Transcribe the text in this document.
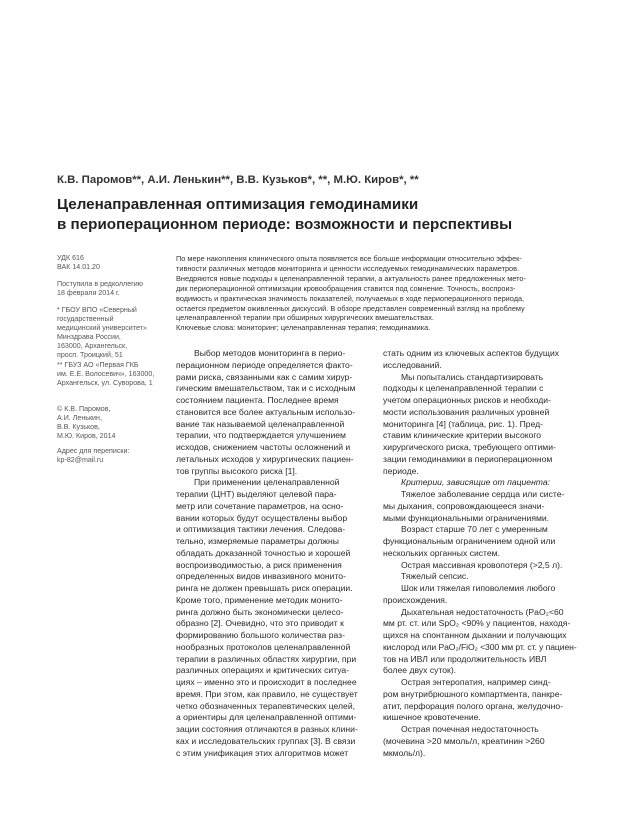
К.В. Паромов**, А.И. Ленькин**, В.В. Кузьков*, **, М.Ю. Киров*, **
Целенаправленная оптимизация гемодинамики
в периоперационном периоде: возможности и перспективы
УДК 616
ВАК 14.01.20
Поступила в редколлегию
18 февраля 2014 г.
* ГБОУ ВПО «Северный
государственный
медицинский университет»
Минздрава России,
163000, Архангельск,
просп. Троицкий, 51
** ГБУЗ АО «Первая ГКБ
им. Е.Е. Волосевич», 163000,
Архангельск, ул. Суворова, 1
© К.В. Паромов,
А.И. Ленькин,
В.В. Кузьков,
М.Ю. Киров, 2014
Адрес для переписки:
kp-82@mail.ru
По мере накопления клинического опыта появляется все больше информации относительно эффек-
тивности различных методов мониторинга и ценности исследуемых гемодинамических параметров.
Внедряются новые подходы к целенаправленной терапии, а актуальность ранее предложенных мето-
дик периоперационной оптимизации кровообращения ставится под сомнение. Точность, воспроиз-
водимость и практическая значимость показателей, получаемых в ходе периоперационного периода,
остается предметом оживленных дискуссий. В обзоре представлен современный взгляд на проблему
целенаправленной терапии при обширных хирургических вмешательствах.
Ключевые слова: мониторинг; целенаправленная терапия; гемодинамика.
Выбор методов мониторинга в перио-
перационном периоде определяется факто-
рами риска, связанными как с самим хирур-
гическим вмешательством, так и с исходным
состоянием пациента. Последнее время
становится все более актуальным использо-
вание так называемой целенаправленной
терапии, что подтверждается улучшением
исходов, снижением частоты осложнений и
летальных исходов у хирургических пациен-
тов группы высокого риска [1].
При применении целенаправленной
терапии (ЦНТ) выделяют целевой пара-
метр или сочетание параметров, на осно-
вании которых будут осуществлены выбор
и оптимизация тактики лечения. Следова-
тельно, измеряемые параметры должны
обладать доказанной точностью и хорошей
воспроизводимостью, а риск применения
определенных видов инвазивного монито-
ринга не должен превышать риск операции.
Кроме того, применение методик монито-
ринга должно быть экономически целесо-
образно [2]. Очевидно, что это приводит к
формированию большого количества раз-
нообразных протоколов целенаправленной
терапии в различных областях хирургии, при
различных операциях и критических ситуа-
циях – именно это и происходит в последнее
время. При этом, как правило, не существует
четко обозначенных терапевтических целей,
а ориентиры для целенаправленной оптими-
зации состояния отличаются в разных клини-
ках и исследовательских группах [3]. В связи
с этим унификация этих алгоритмов может
стать одним из ключевых аспектов будущих
исследований.
Мы попытались стандартизировать
подходы к целенаправленной терапии с
учетом операционных рисков и необходи-
мости использования различных уровней
мониторинга [4] (таблица, рис. 1). Пред-
ставим клинические критерии высокого
хирургического риска, требующего оптими-
зации гемодинамики в периоперационном
периоде.
Критерии, зависящие от пациента:
Тяжелое заболевание сердца или систе-
мы дыхания, сопровождающееся значи-
мыми функциональными ограничениями.
Возраст старше 70 лет с умеренным
функциональным ограничением одной или
нескольких органных систем.
Острая массивная кровопотеря (>2,5 л).
Тяжелый сепсис.
Шок или тяжелая гиповолемия любого
происхождения.
Дыхательная недостаточность (PaO₂<60
мм рт. ст. или SpO₂ <90% у пациентов, находя-
щихся на спонтанном дыхании и получающих
кислород или PaO₂/FiO₂ <300 мм рт. ст. у пациен-
тов на ИВЛ или продолжительность ИВЛ
более двух суток).
Острая энтеропатия, например синд-
ром внутрибрюшного компартмента, панкре-
атит, перфорация полого органа, желудочно-
кишечное кровотечение.
Острая почечная недостаточность
(мочевина >20 ммоль/л, креатинин >260
мкмоль/л).
